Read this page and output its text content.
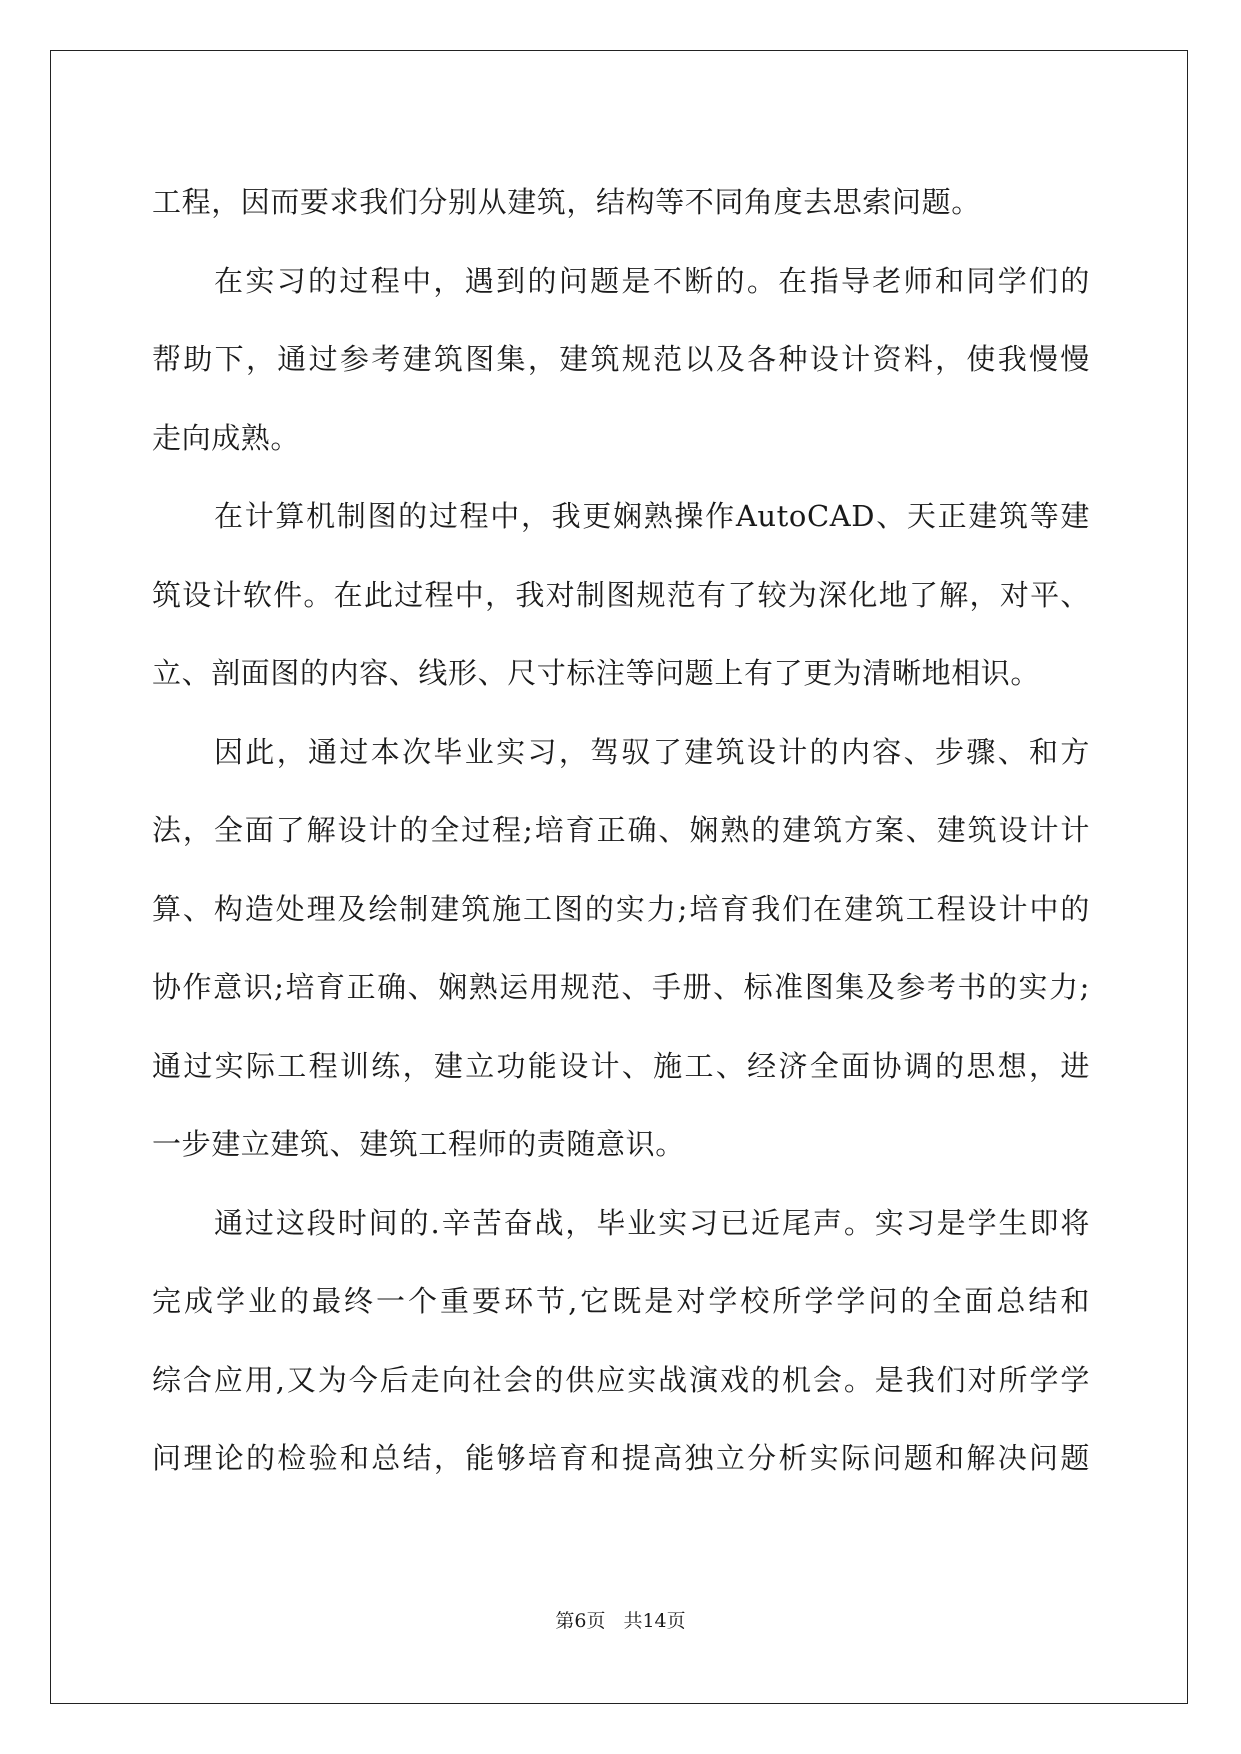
工程，因而要求我们分别从建筑，结构等不同角度去思索问题。
在实习的过程中，遇到的问题是不断的。在指导老师和同学们的
帮助下，通过参考建筑图集，建筑规范以及各种设计资料，使我慢慢
走向成熟。
在计算机制图的过程中，我更娴熟操作AutoCAD、天正建筑等建
筑设计软件。在此过程中，我对制图规范有了较为深化地了解，对平、
立、剖面图的内容、线形、尺寸标注等问题上有了更为清晰地相识。
因此，通过本次毕业实习，驾驭了建筑设计的内容、步骤、和方
法，全面了解设计的全过程;培育正确、娴熟的建筑方案、建筑设计计
算、构造处理及绘制建筑施工图的实力;培育我们在建筑工程设计中的
协作意识;培育正确、娴熟运用规范、手册、标准图集及参考书的实力;
通过实际工程训练，建立功能设计、施工、经济全面协调的思想，进
一步建立建筑、建筑工程师的责随意识。
通过这段时间的.辛苦奋战，毕业实习已近尾声。实习是学生即将
完成学业的最终一个重要环节,它既是对学校所学学问的全面总结和
综合应用,又为今后走向社会的供应实战演戏的机会。是我们对所学学
问理论的检验和总结，能够培育和提高独立分析实际问题和解决问题
第6页 共14页
